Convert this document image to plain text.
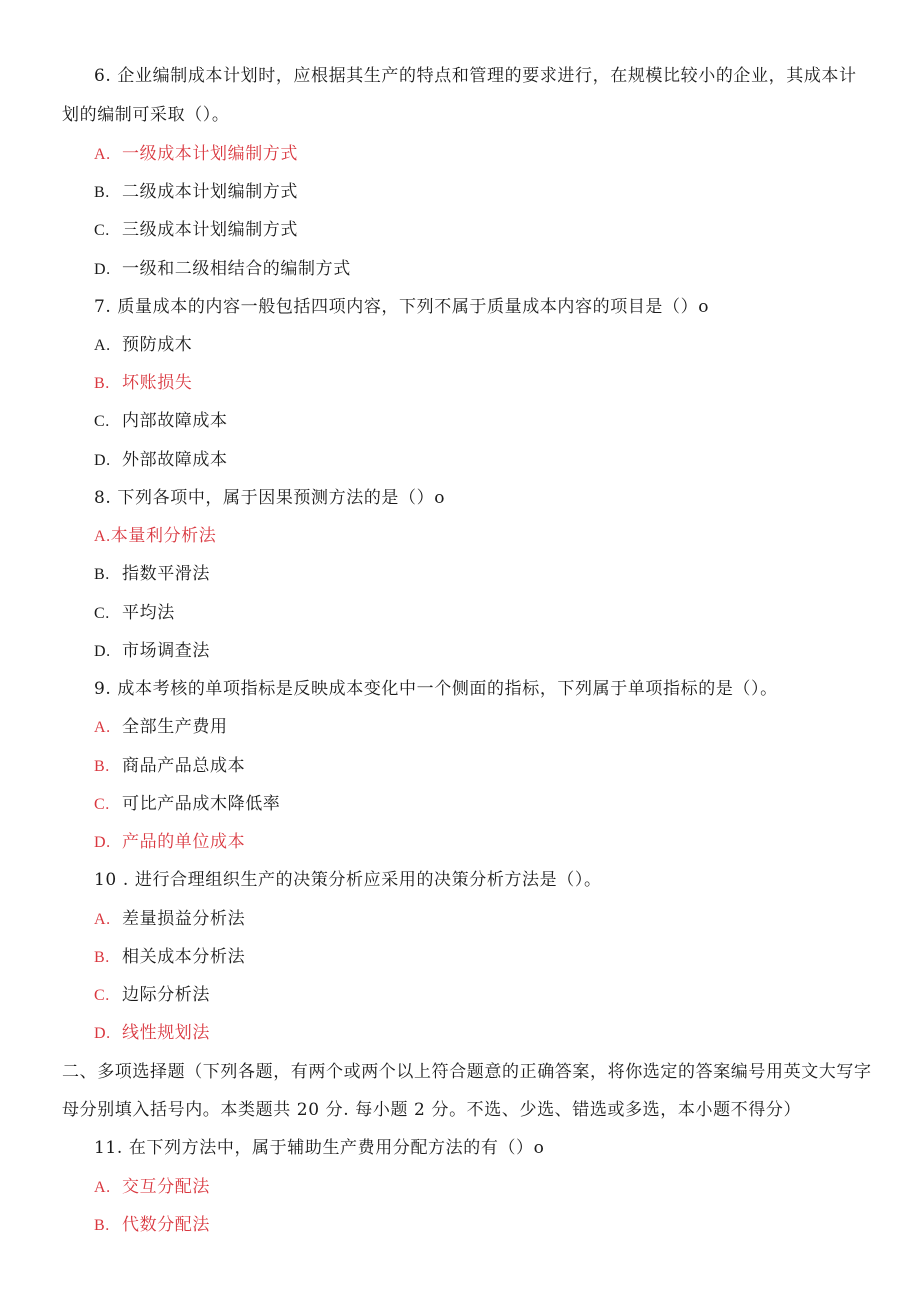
6. 企业编制成本计划时，应根据其生产的特点和管理的要求进行，在规模比较小的企业，其成本计
划的编制可采取（）。
A. 一级成本计划编制方式
B. 二级成本计划编制方式
C. 三级成本计划编制方式
D. 一级和二级相结合的编制方式
7. 质量成本的内容一般包括四项内容，下列不属于质量成本内容的项目是（）o
A. 预防成木
B. 坏账损失
C. 内部故障成本
D. 外部故障成本
8. 下列各项中，属于因果预测方法的是（）o
A.本量利分析法
B. 指数平滑法
C. 平均法
D. 市场调查法
9. 成本考核的单项指标是反映成本变化中一个侧面的指标，下列属于单项指标的是（）。
A. 全部生产费用
B. 商品产品总成本
C. 可比产品成木降低率
D. 产品的单位成本
10 . 进行合理组织生产的决策分析应采用的决策分析方法是（）。
A. 差量损益分析法
B. 相关成本分析法
C. 边际分析法
D. 线性规划法
二、多项选择题（下列各题，有两个或两个以上符合题意的正确答案，将你选定的答案编号用英文大写字
母分别填入括号内。本类题共 20 分. 每小题 2 分。不选、少选、错选或多选，本小题不得分）
11. 在下列方法中，属于辅助生产费用分配方法的有（）o
A. 交互分配法
B. 代数分配法
